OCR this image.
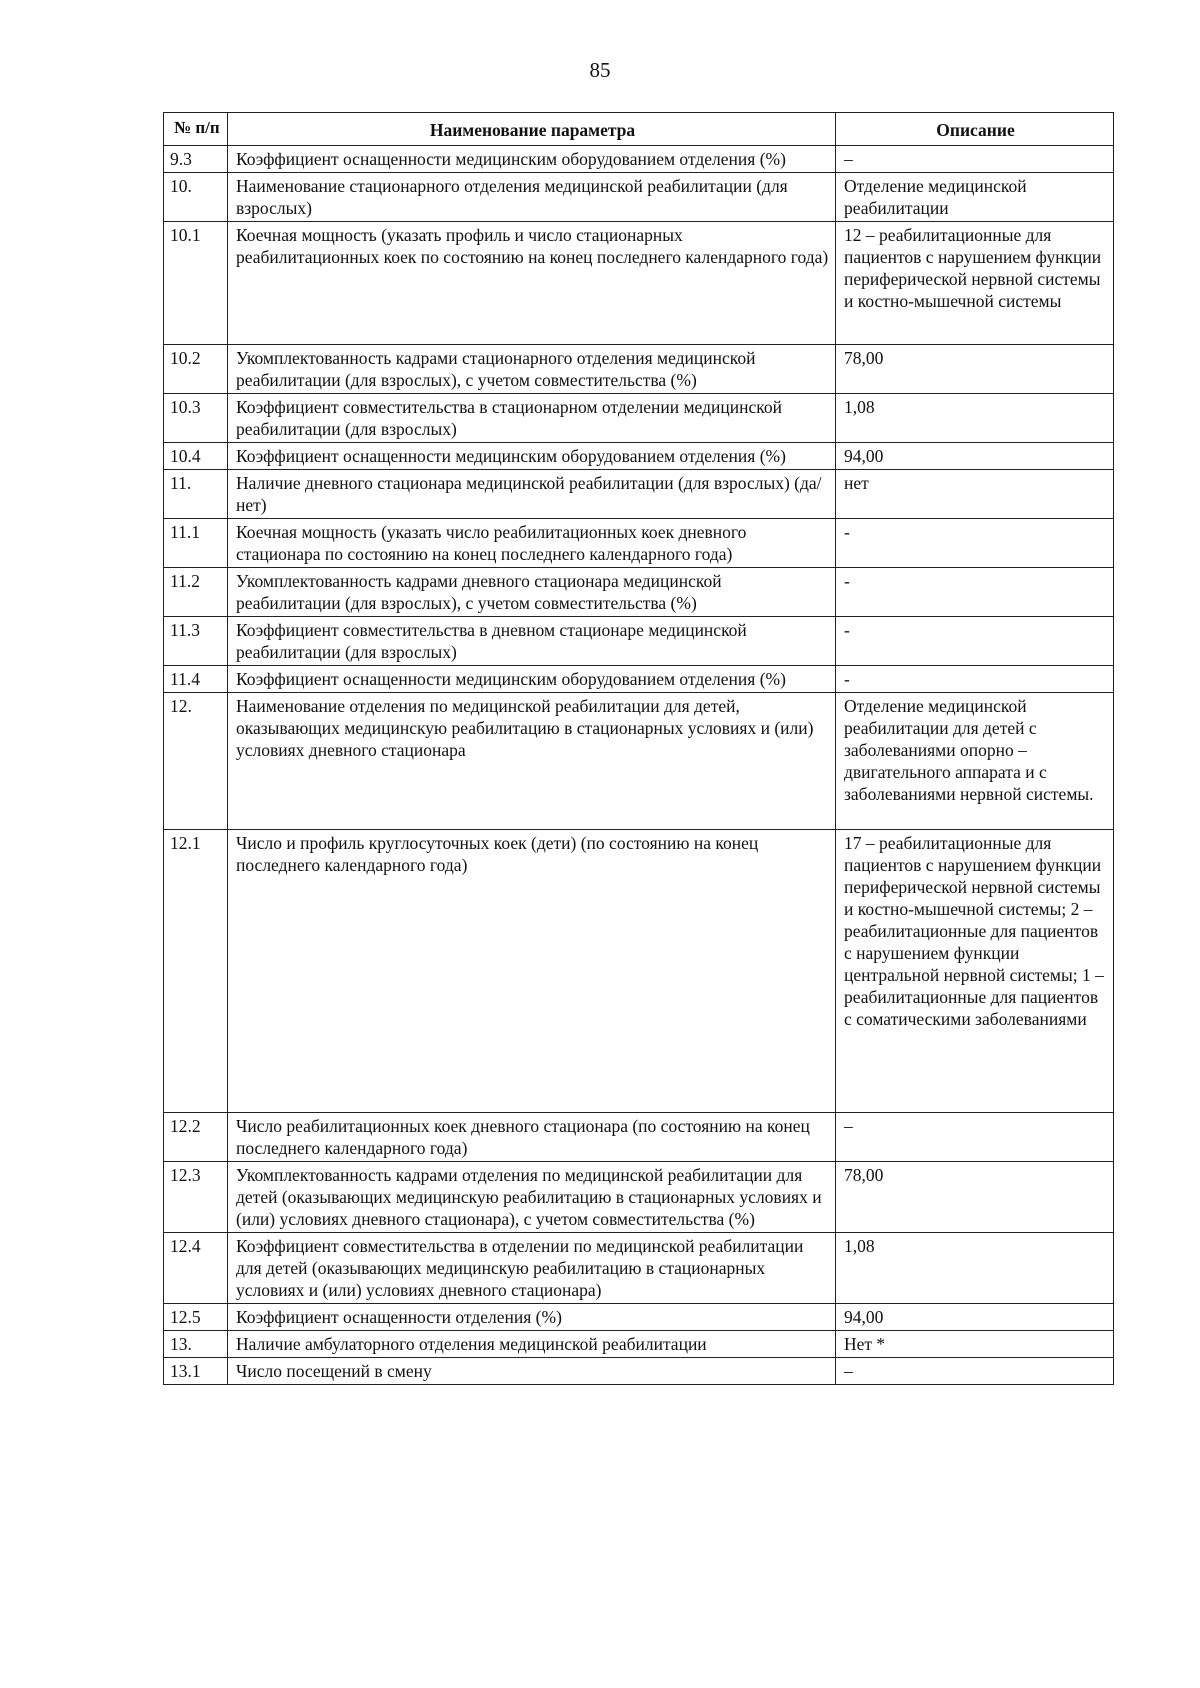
85
№ п/п	Наименование параметра	Описание
9.3	Коэффициент оснащенности медицинским оборудованием отделения (%)	–
10.	Наименование стационарного отделения медицинской реабилитации (для взрослых)	Отделение медицинской реабилитации
10.1	Коечная мощность (указать профиль и число стационарных реабилитационных коек по состоянию на конец последнего календарного года)	12 – реабилитационные для пациентов с нарушением функции периферической нервной системы и костно-мышечной системы
10.2	Укомплектованность кадрами стационарного отделения медицинской реабилитации (для взрослых), с учетом совместительства (%)	78,00
10.3	Коэффициент совместительства в стационарном отделении медицинской реабилитации (для взрослых)	1,08
10.4	Коэффициент оснащенности медицинским оборудованием отделения (%)	94,00
11.	Наличие дневного стационара медицинской реабилитации (для взрослых) (да/нет)	нет
11.1	Коечная мощность (указать число реабилитационных коек дневного стационара по состоянию на конец последнего календарного года)	-
11.2	Укомплектованность кадрами дневного стационара медицинской реабилитации (для взрослых), с учетом совместительства (%)	-
11.3	Коэффициент совместительства в дневном стационаре медицинской реабилитации (для взрослых)	-
11.4	Коэффициент оснащенности медицинским оборудованием отделения (%)	-
12.	Наименование отделения по медицинской реабилитации для детей, оказывающих медицинскую реабилитацию в стационарных условиях и (или) условиях дневного стационара	Отделение медицинской реабилитации для детей с заболеваниями опорно – двигательного аппарата и с заболеваниями нервной системы.
12.1	Число и профиль круглосуточных коек (дети) (по состоянию на конец последнего календарного года)	17 – реабилитационные для пациентов с нарушением функции периферической нервной системы и костно-мышечной системы; 2 – реабилитационные для пациентов с нарушением функции центральной нервной системы; 1 – реабилитационные для пациентов с соматическими заболеваниями
12.2	Число реабилитационных коек дневного стационара (по состоянию на конец последнего календарного года)	–
12.3	Укомплектованность кадрами отделения по медицинской реабилитации для детей (оказывающих медицинскую реабилитацию в стационарных условиях и (или) условиях дневного стационара), с учетом совместительства (%)	78,00
12.4	Коэффициент совместительства в отделении по медицинской реабилитации для детей (оказывающих медицинскую реабилитацию в стационарных условиях и (или) условиях дневного стационара)	1,08
12.5	Коэффициент оснащенности отделения (%)	94,00
13.	Наличие амбулаторного отделения медицинской реабилитации	Нет *
13.1	Число посещений в смену	–
